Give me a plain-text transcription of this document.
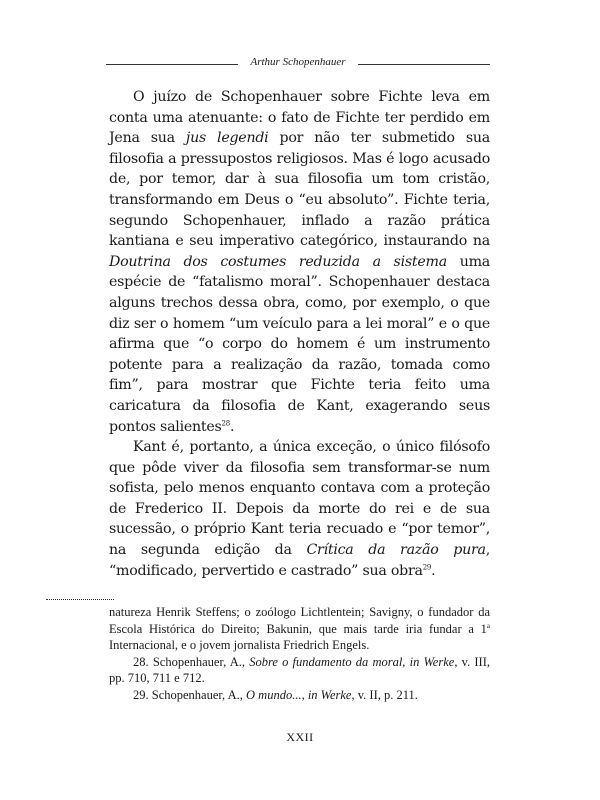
Arthur Schopenhauer

O juízo de Schopenhauer sobre Fichte leva em conta uma atenuante: o fato de Fichte ter perdido em Jena sua jus legendi por não ter submetido sua filosofia a pressupostos religiosos. Mas é logo acusado de, por temor, dar à sua filosofia um tom cristão, transformando em Deus o “eu absoluto”. Fichte teria, segundo Schopenhauer, inflado a razão prática kantiana e seu imperativo categórico, instaurando na Doutrina dos costumes reduzida a sistema uma espécie de “fatalismo moral”. Schopenhauer destaca alguns trechos dessa obra, como, por exemplo, o que diz ser o homem “um veículo para a lei moral” e o que afirma que “o corpo do homem é um instrumento potente para a realização da razão, tomada como fim”, para mostrar que Fichte teria feito uma caricatura da filosofia de Kant, exagerando seus pontos salientes$^{28}$.

Kant é, portanto, a única exceção, o único filósofo que pôde viver da filosofia sem transformar-se num sofista, pelo menos enquanto contava com a proteção de Frederico II. Depois da morte do rei e de sua sucessão, o próprio Kant teria recuado e “por temor”, na segunda edição da Crítica da razão pura, “modificado, pervertido e castrado” sua obra$^{29}$.

natureza Henrik Steffens; o zoólogo Lichtlentein; Savigny, o fundador da Escola Histórica do Direito; Bakunin, que mais tarde iria fundar a 1$^a$ Internacional, e o jovem jornalista Friedrich Engels.

28. Schopenhauer, A., Sobre o fundamento da moral, in Werke, v. III, pp. 710, 711 e 712.

29. Schopenhauer, A., O mundo..., in Werke, v. II, p. 211.

XXII
